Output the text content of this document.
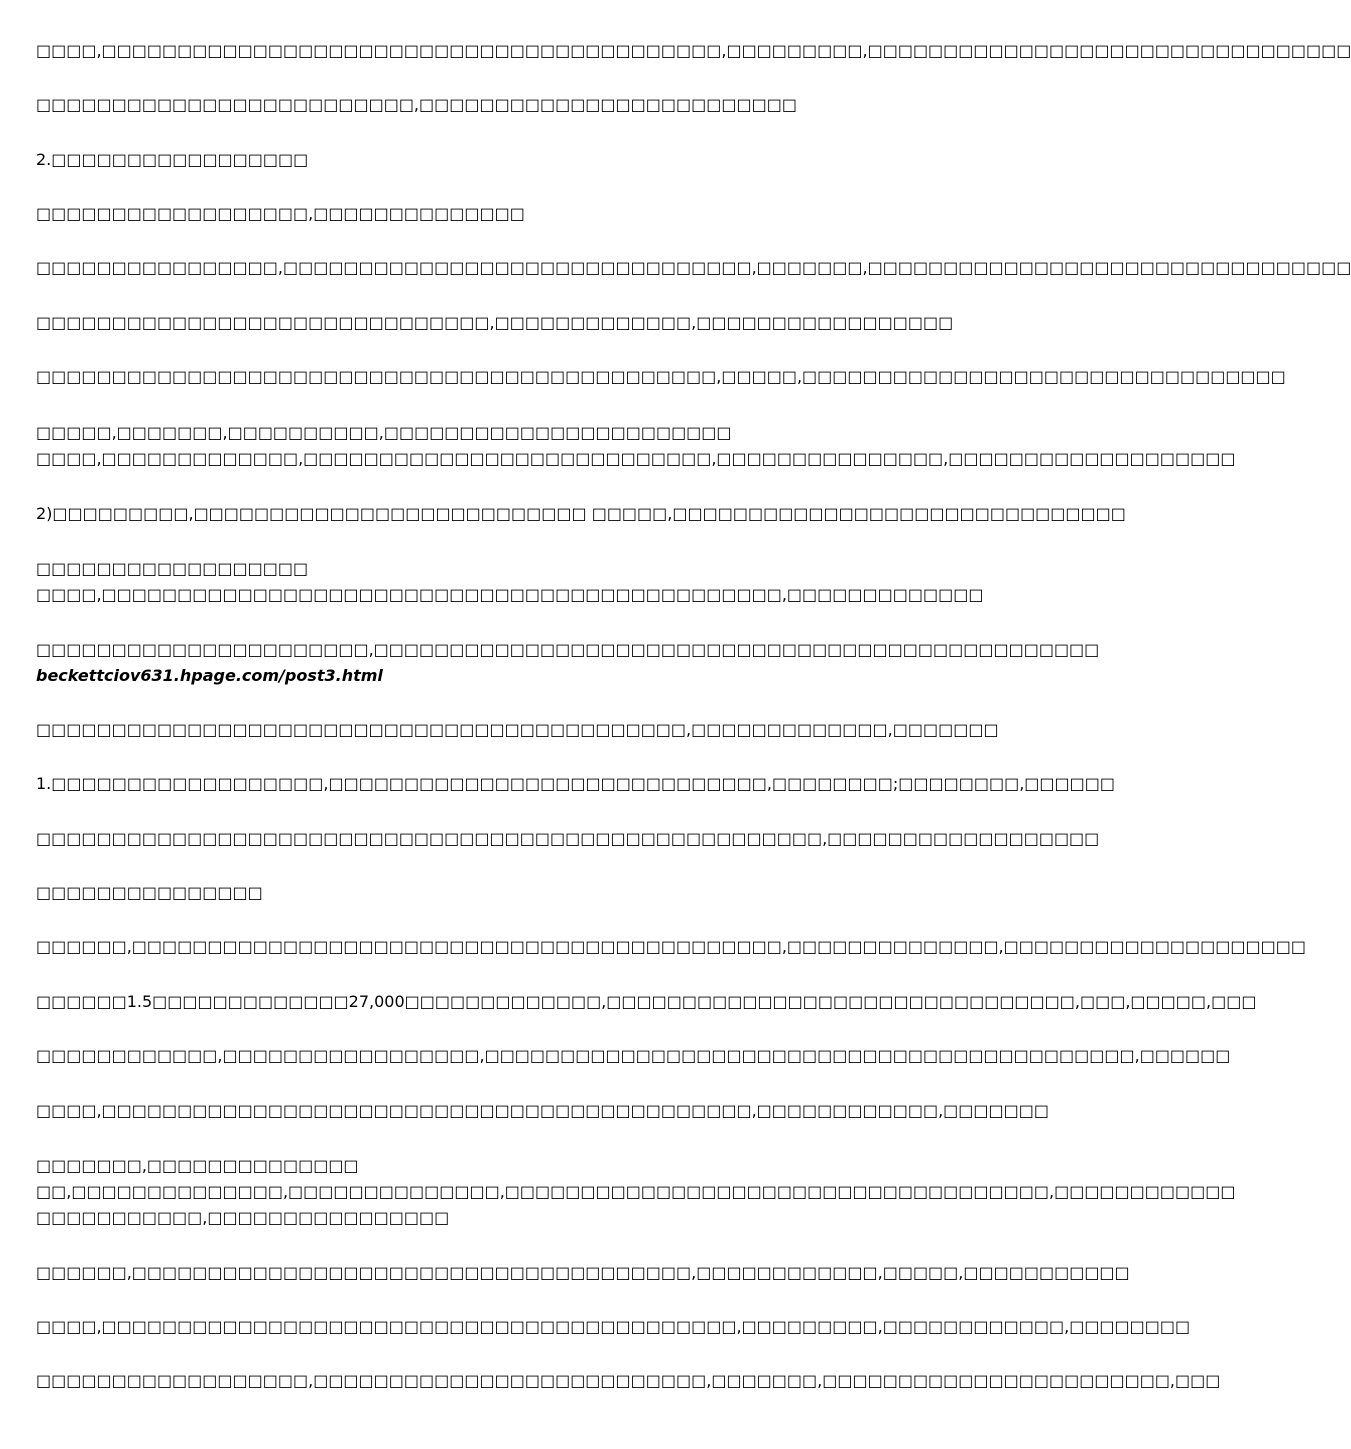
□□□□,□□□□□□□□□□□□□□□□□□□□□□□□□□□□□□□□□□□□□□□□□,□□□□□□□□□,□□□□□□□□□□□□□□□□□□□□□□□□□□□□□□□□
□□□□□□□□□□□□□□□□□□□□□□□□□,□□□□□□□□□□□□□□□□□□□□□□□□□
2.□□□□□□□□□□□□□□□□□
□□□□□□□□□□□□□□□□□□,□□□□□□□□□□□□□□
□□□□□□□□□□□□□□□□,□□□□□□□□□□□□□□□□□□□□□□□□□□□□□□□,□□□□□□□,□□□□□□□□□□□□□□□□□□□□□□□□□□□□□□□□
□□□□□□□□□□□□□□□□□□□□□□□□□□□□□□,□□□□□□□□□□□□□,□□□□□□□□□□□□□□□□□
□□□□□□□□□□□□□□□□□□□□□□□□□□□□□□□□□□□□□□□□□□□□□,□□□□□,□□□□□□□□□□□□□□□□□□□□□□□□□□□□□□□□
□□□□□,□□□□□□□,□□□□□□□□□□,□□□□□□□□□□□□□□□□□□□□□□□
□□□□,□□□□□□□□□□□□□,□□□□□□□□□□□□□□□□□□□□□□□□□□□,□□□□□□□□□□□□□□□,□□□□□□□□□□□□□□□□□□□
2)□□□□□□□□□,□□□□□□□□□□□□□□□□□□□□□□□□□□ □□□□□,□□□□□□□□□□□□□□□□□□□□□□□□□□□□□□
□□□□□□□□□□□□□□□□□□
□□□□,□□□□□□□□□□□□□□□□□□□□□□□□□□□□□□□□□□□□□□□□□□□□□,□□□□□□□□□□□□□
□□□□□□□□□□□□□□□□□□□□□□,□□□□□□□□□□□□□□□□□□□□□□□□□□□□□□□□□□□□□□□□□□□□□□□□
beckettciov631.hpage.com/post3.html
□□□□□□□□□□□□□□□□□□□□□□□□□□□□□□□□□□□□□□□□□□□,□□□□□□□□□□□□□,□□□□□□□
1.□□□□□□□□□□□□□□□□□□,□□□□□□□□□□□□□□□□□□□□□□□□□□□□□,□□□□□□□□;□□□□□□□□,□□□□□□
□□□□□□□□□□□□□□□□□□□□□□□□□□□□□□□□□□□□□□□□□□□□□□□□□□□□,□□□□□□□□□□□□□□□□□□
□□□□□□□□□□□□□□□
□□□□□□,□□□□□□□□□□□□□□□□□□□□□□□□□□□□□□□□□□□□□□□□□□□,□□□□□□□□□□□□□□,□□□□□□□□□□□□□□□□□□□□
□□□□□□1.5□□□□□□□□□□□□□27,000□□□□□□□□□□□□□,□□□□□□□□□□□□□□□□□□□□□□□□□□□□□□□,□□□,□□□□□,□□□
□□□□□□□□□□□□,□□□□□□□□□□□□□□□□□,□□□□□□□□□□□□□□□□□□□□□□□□□□□□□□□□□□□□□□□□□□□,□□□□□□
□□□□,□□□□□□□□□□□□□□□□□□□□□□□□□□□□□□□□□□□□□□□□□□□,□□□□□□□□□□□□,□□□□□□□
□□□□□□□,□□□□□□□□□□□□□□
□□,□□□□□□□□□□□□□□,□□□□□□□□□□□□□□,□□□□□□□□□□□□□□□□□□□□□□□□□□□□□□□□□□□□,□□□□□□□□□□□□
□□□□□□□□□□□,□□□□□□□□□□□□□□□□
□□□□□□,□□□□□□□□□□□□□□□□□□□□□□□□□□□□□□□□□□□□□,□□□□□□□□□□□□,□□□□□,□□□□□□□□□□□
□□□□,□□□□□□□□□□□□□□□□□□□□□□□□□□□□□□□□□□□□□□□□□□,□□□□□□□□□,□□□□□□□□□□□□,□□□□□□□□
□□□□□□□□□□□□□□□□□□,□□□□□□□□□□□□□□□□□□□□□□□□□□,□□□□□□□,□□□□□□□□□□□□□□□□□□□□□□□,□□□
